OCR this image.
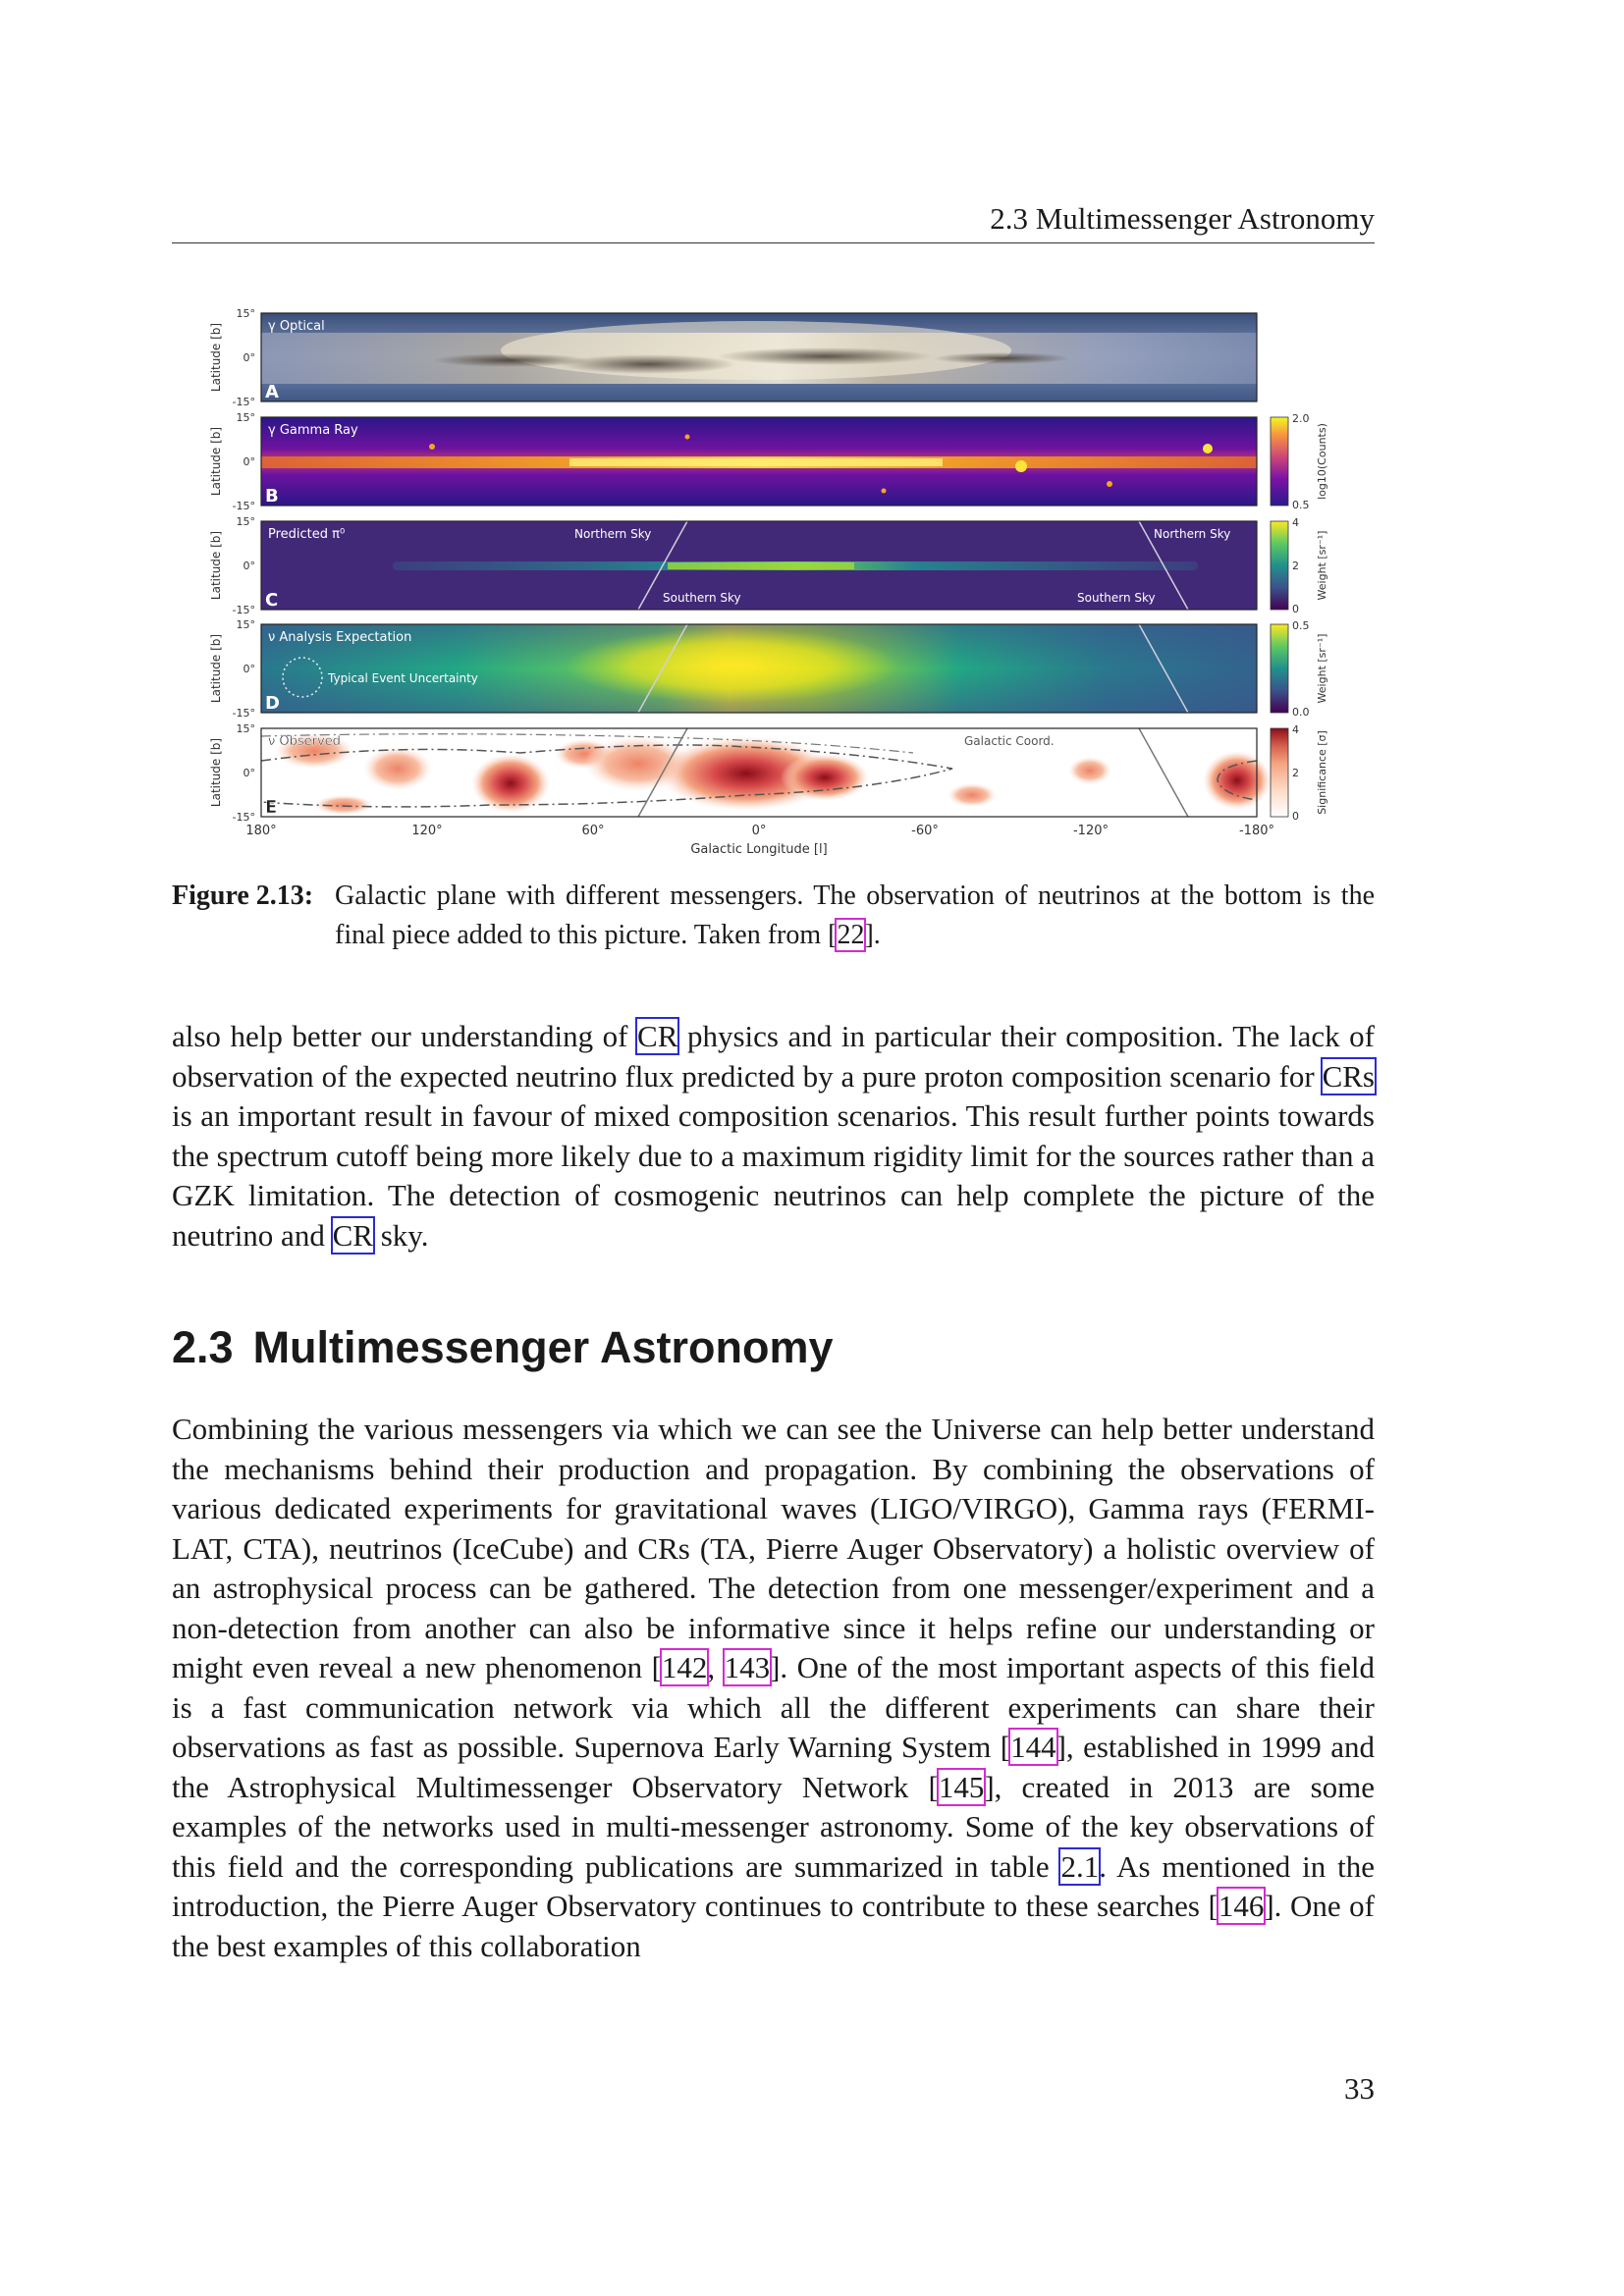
2.3 Multimessenger Astronomy
γ Optical
γ Gamma Ray
Predicted π⁰
ν Analysis Expectation
ν Observed
Typical Event Uncertainty
Northern Sky	Northern Sky
Southern Sky	Southern Sky
Galactic Coord.
A
B
C
D
E
Latitude [b]
Latitude [b]
Latitude [b]
Latitude [b]
Latitude [b]
15°
0°
-15°
15°
0°
-15°
15°
0°
-15°
15°
0°
-15°
15°
0°
-15°
180°	120°	60°	0°	-60°	-120°	-180°
Galactic Longitude [l]
2.0
0.5
log10(Counts)
4
2
0
Weight [sr⁻¹]
0.5
0.0
Weight [sr⁻¹]
4
2
0
Significance [σ]
Figure 2.13: Galactic plane with different messengers. The observation of neutrinos at the bottom is the final piece added to this picture. Taken from [22].

also help better our understanding of CR physics and in particular their composition. The lack of observation of the expected neutrino flux predicted by a pure proton composition scenario for CRs is an important result in favour of mixed composition scenarios. This result further points towards the spectrum cutoff being more likely due to a maximum rigidity limit for the sources rather than a GZK limitation. The detection of cosmogenic neutrinos can help complete the picture of the neutrino and CR sky.

2.3 Multimessenger Astronomy

Combining the various messengers via which we can see the Universe can help better understand the mechanisms behind their production and propagation. By combining the observations of various dedicated experiments for gravitational waves (LIGO/VIRGO), Gamma rays (FERMI-LAT, CTA), neutrinos (IceCube) and CRs (TA, Pierre Auger Observatory) a holistic overview of an astrophysical process can be gathered. The detection from one messenger/experiment and a non-detection from another can also be informative since it helps refine our understanding or might even reveal a new phenomenon [142, 143]. One of the most important aspects of this field is a fast communication network via which all the different experiments can share their observations as fast as possible. Supernova Early Warning System [144], established in 1999 and the Astrophysical Multimessenger Observatory Network [145], created in 2013 are some examples of the networks used in multi-messenger astronomy. Some of the key observations of this field and the corresponding publications are summarized in table 2.1. As mentioned in the introduction, the Pierre Auger Observatory continues to contribute to these searches [146]. One of the best examples of this collaboration

33
